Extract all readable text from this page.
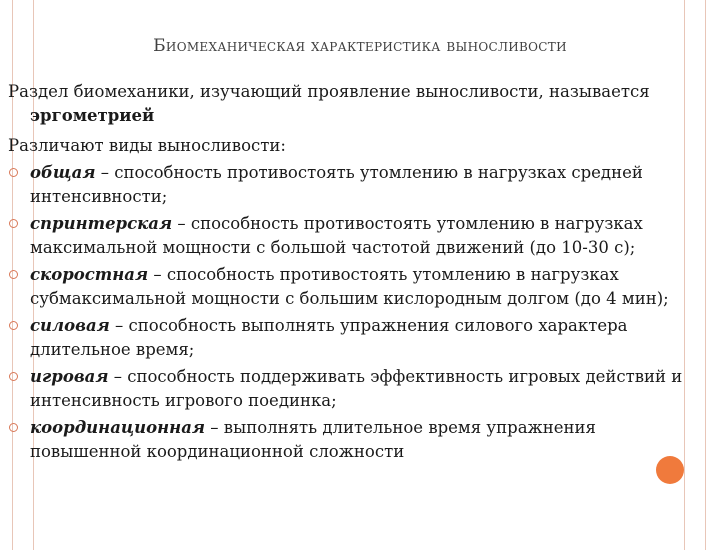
Биомеханическая характеристика выносливости

Раздел биомеханики, изучающий проявление выносливости, называется
эргометрией

Различают виды выносливости:

общая – способность противостоять утомлению в нагрузках средней интенсивности;
спринтерская – способность противостоять утомлению в нагрузках максимальной мощности с большой частотой движений (до 10-30 с);
скоростная – способность противостоять утомлению в нагрузках субмаксимальной мощности с большим кислородным долгом (до 4 мин);
силовая – способность выполнять упражнения силового характера длительное время;
игровая – способность поддерживать эффективность игровых действий и интенсивность игрового поединка;
координационная – выполнять длительное время упражнения повышенной координационной сложности
